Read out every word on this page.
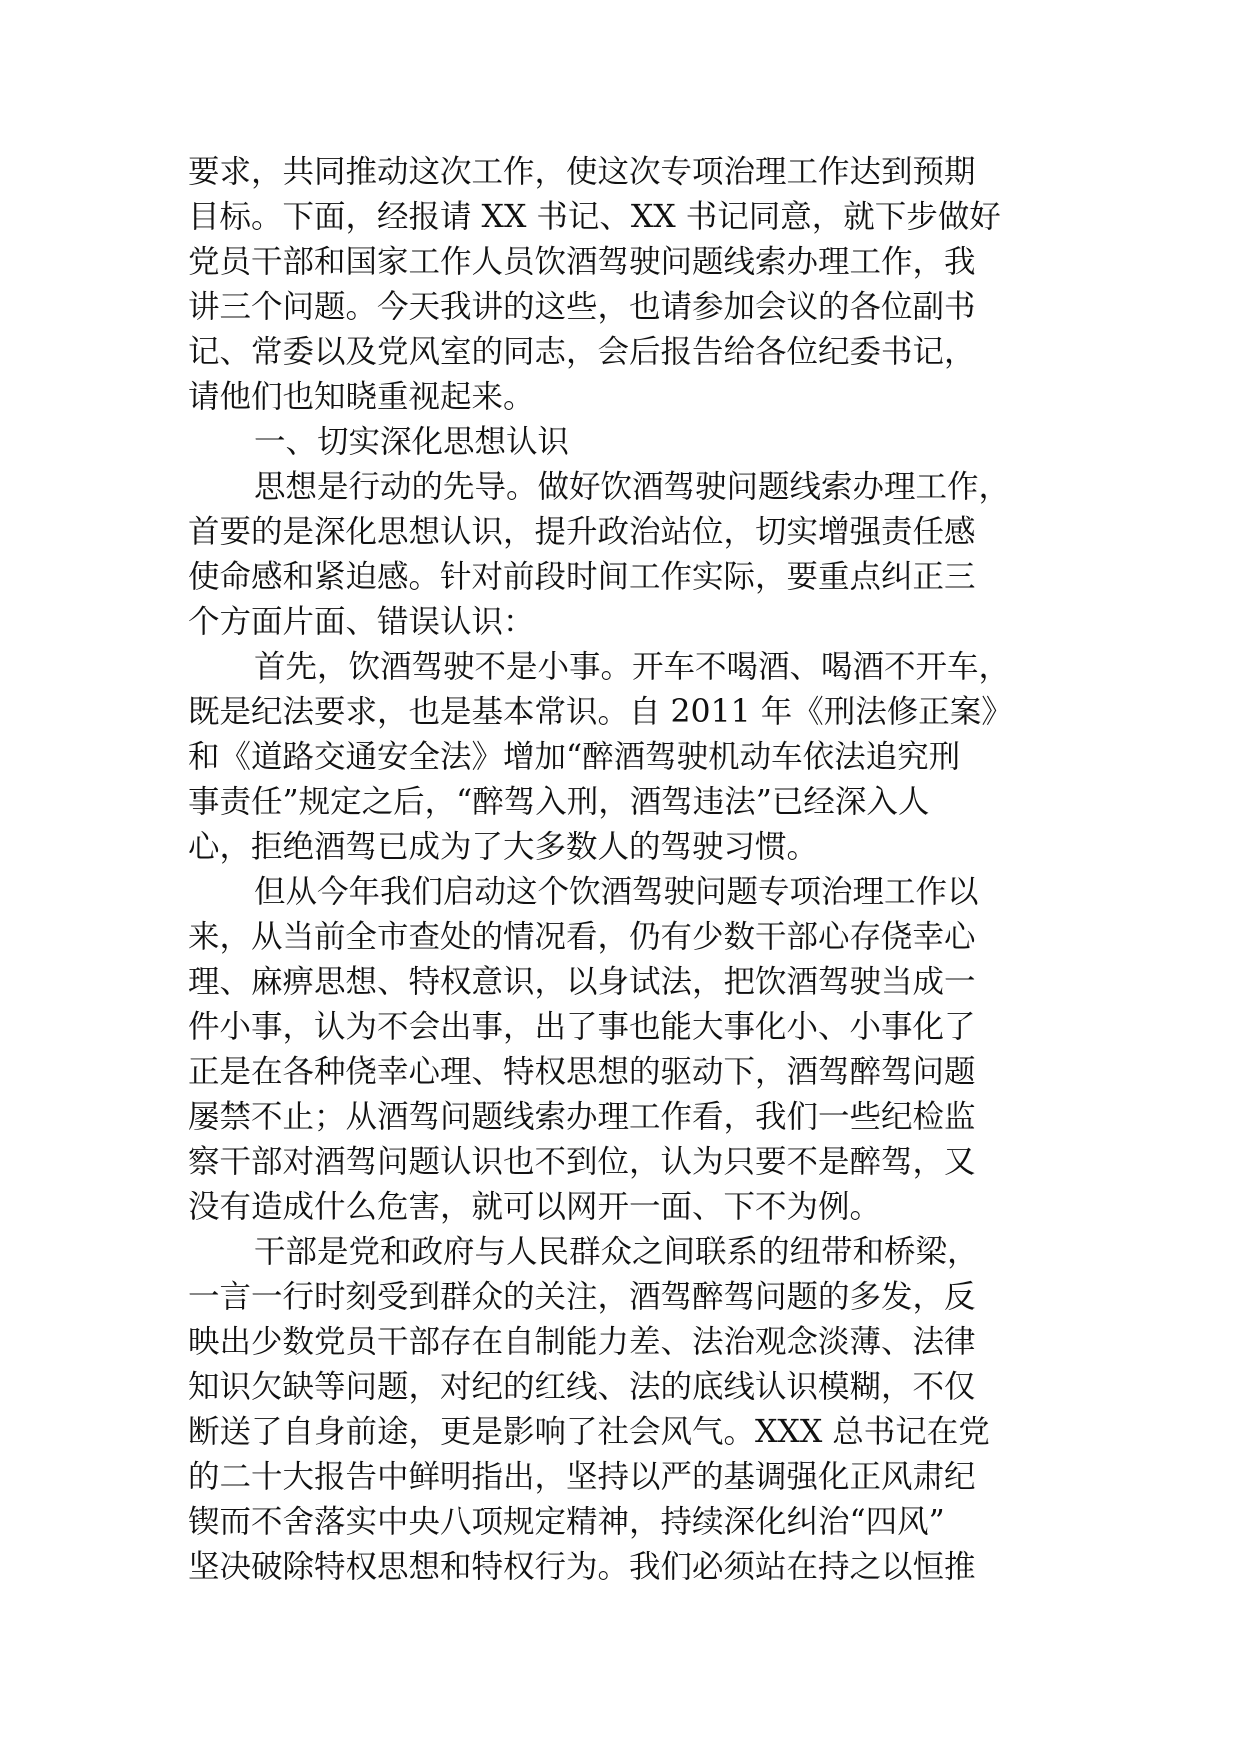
要求，共同推动这次工作，使这次专项治理工作达到预期
目标。下面，经报请 XX 书记、XX 书记同意，就下步做好
党员干部和国家工作人员饮酒驾驶问题线索办理工作，我
讲三个问题。今天我讲的这些，也请参加会议的各位副书
记、常委以及党风室的同志，会后报告给各位纪委书记，
请他们也知晓重视起来。
一、切实深化思想认识
思想是行动的先导。做好饮酒驾驶问题线索办理工作，
首要的是深化思想认识，提升政治站位，切实增强责任感
使命感和紧迫感。针对前段时间工作实际，要重点纠正三
个方面片面、错误认识：
首先，饮酒驾驶不是小事。开车不喝酒、喝酒不开车，
既是纪法要求，也是基本常识。自 2011 年《刑法修正案》
和《道路交通安全法》增加“醉酒驾驶机动车依法追究刑
事责任”规定之后，“醉驾入刑，酒驾违法”已经深入人
心，拒绝酒驾已成为了大多数人的驾驶习惯。
但从今年我们启动这个饮酒驾驶问题专项治理工作以
来，从当前全市查处的情况看，仍有少数干部心存侥幸心
理、麻痹思想、特权意识，以身试法，把饮酒驾驶当成一
件小事，认为不会出事，出了事也能大事化小、小事化了
正是在各种侥幸心理、特权思想的驱动下，酒驾醉驾问题
屡禁不止；从酒驾问题线索办理工作看，我们一些纪检监
察干部对酒驾问题认识也不到位，认为只要不是醉驾，又
没有造成什么危害，就可以网开一面、下不为例。
干部是党和政府与人民群众之间联系的纽带和桥梁，
一言一行时刻受到群众的关注，酒驾醉驾问题的多发，反
映出少数党员干部存在自制能力差、法治观念淡薄、法律
知识欠缺等问题，对纪的红线、法的底线认识模糊，不仅
断送了自身前途，更是影响了社会风气。XXX 总书记在党
的二十大报告中鲜明指出，坚持以严的基调强化正风肃纪
锲而不舍落实中央八项规定精神，持续深化纠治“四风”
坚决破除特权思想和特权行为。我们必须站在持之以恒推
